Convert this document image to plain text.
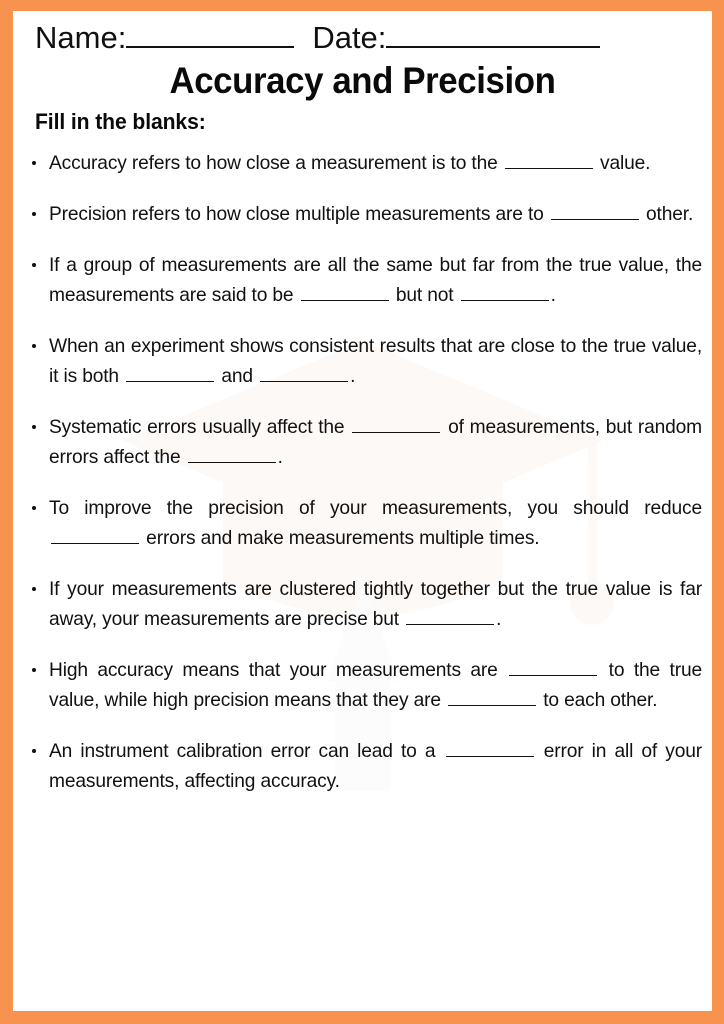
Name:	Date:
Accuracy and Precision
Fill in the blanks:
Accuracy refers to how close a measurement is to the	value.
Precision refers to how close multiple measurements are to	other.
If a group of measurements are all the same but far from the true value, the measurements are said to be	but not	.
When an experiment shows consistent results that are close to the true value, it is both	and	.
Systematic errors usually affect the	of measurements, but random errors affect the	.
To improve the precision of your measurements, you should reduce  errors and make measurements multiple times.
If your measurements are clustered tightly together but the true value is far away, your measurements are precise but	.
High accuracy means that your measurements are	to the true value, while high precision means that they are	to each other.
An instrument calibration error can lead to a	error in all of your measurements, affecting accuracy.
